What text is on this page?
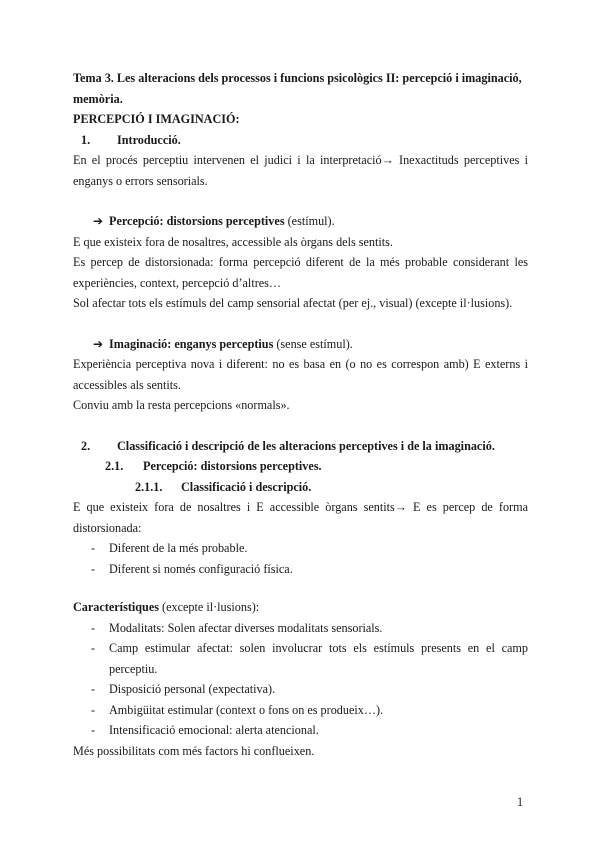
Tema 3. Les alteracions dels processos i funcions psicològics II: percepció i imaginació, memòria.

PERCEPCIÓ I IMAGINACIÓ:

1.	Introducció.

En el procés perceptiu intervenen el judici i la interpretació→ Inexactituds perceptives i enganys o errors sensorials.

➔ Percepció: distorsions perceptives (estímul).

E que existeix fora de nosaltres, accessible als òrgans dels sentits.

Es percep de distorsionada: forma percepció diferent de la més probable considerant les experiències, context, percepció d’altres…

Sol afectar tots els estímuls del camp sensorial afectat (per ej., visual) (excepte il·lusions).

➔ Imaginació: enganys perceptius (sense estímul).

Experiència perceptiva nova i diferent: no es basa en (o no es correspon amb) E externs i accessibles als sentits.

Conviu amb la resta percepcions «normals».

2.	Classificació i descripció de les alteracions perceptives i de la imaginació.
2.1.	Percepció: distorsions perceptives.
2.1.1.	Classificació i descripció.

E que existeix fora de nosaltres i E accessible òrgans sentits→ E es percep de forma distorsionada:

-	Diferent de la més probable.
-	Diferent si només configuració física.

Característiques (excepte il·lusions):

-	Modalitats: Solen afectar diverses modalitats sensorials.
-	Camp estimular afectat: solen involucrar tots els estímuls presents en el camp perceptiu.
-	Disposició personal (expectativa).
-	Ambigüitat estimular (context o fons on es produeix…).
-	Intensificació emocional: alerta atencional.

Més possibilitats com més factors hi conflueixen.

1
